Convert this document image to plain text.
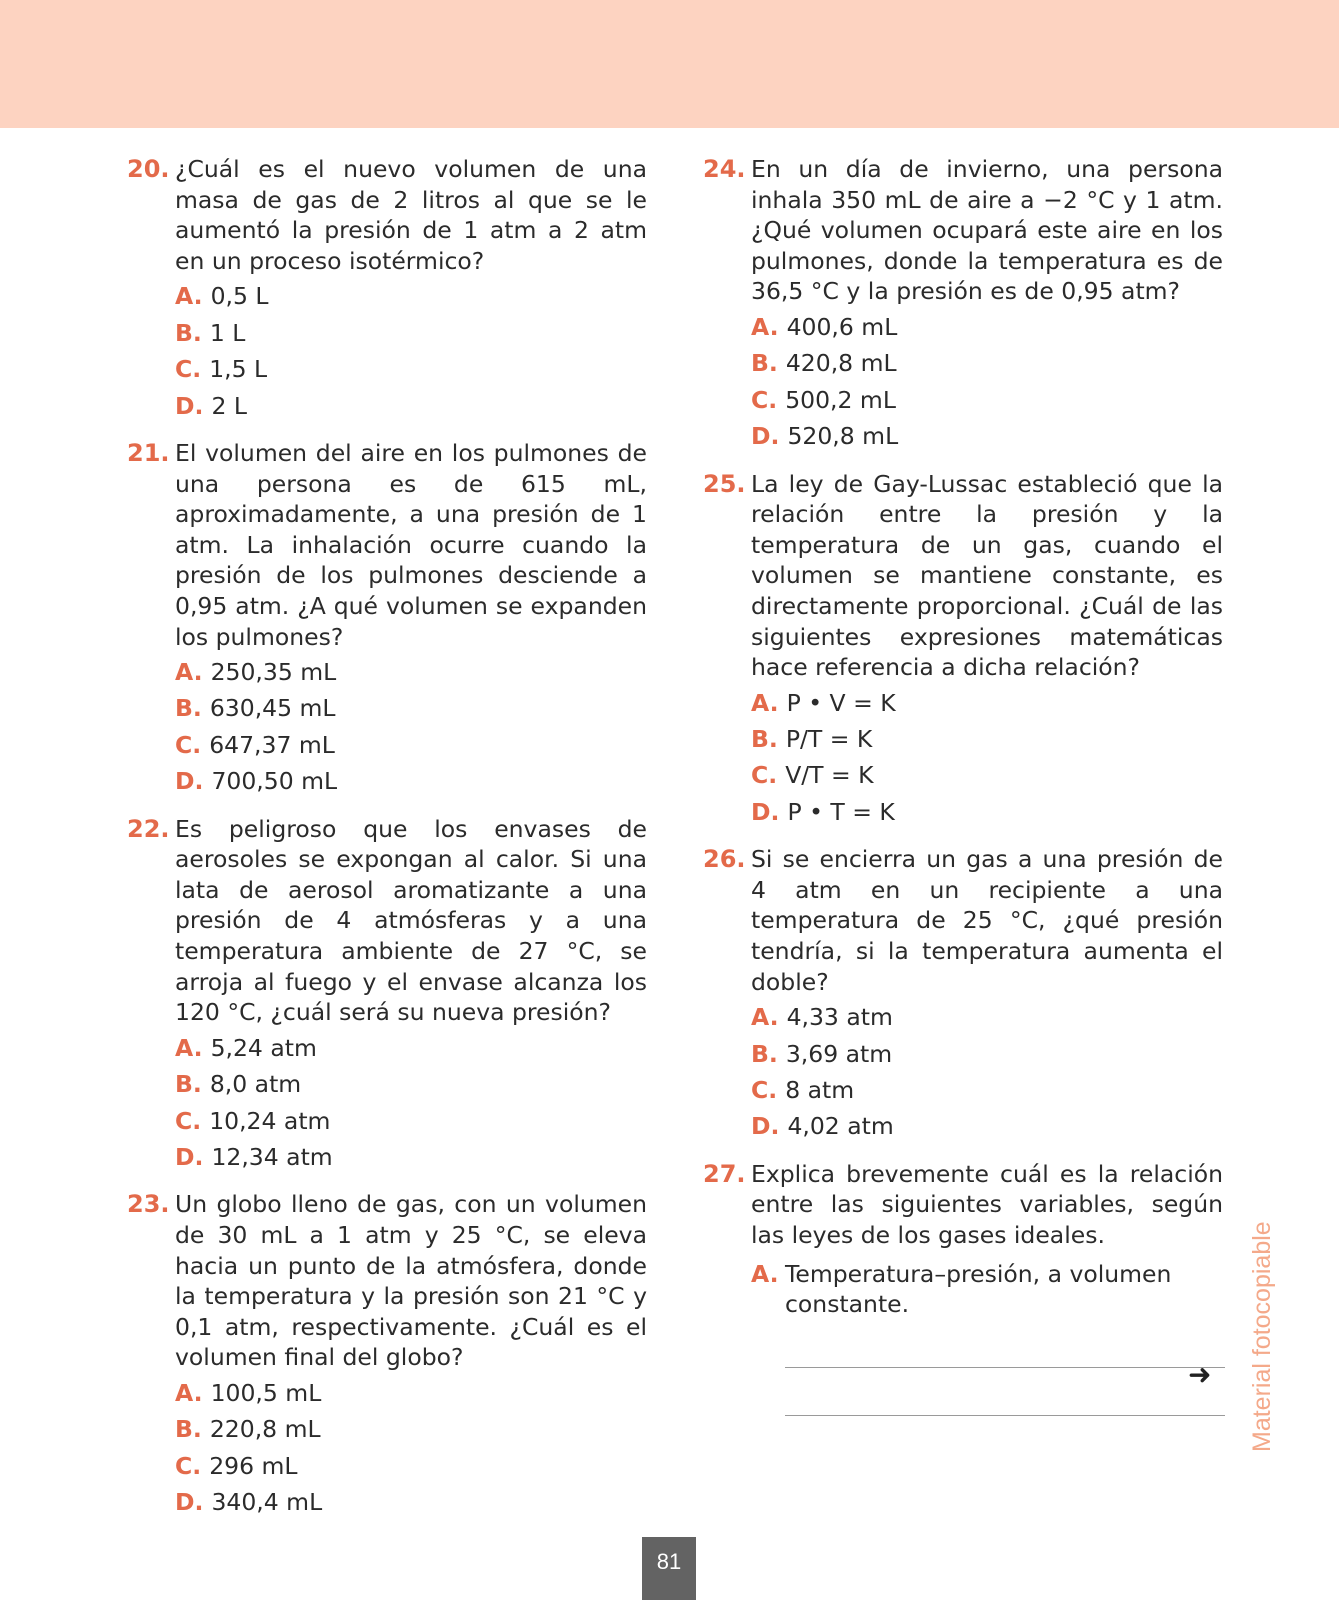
20. ¿Cuál es el nuevo volumen de una masa de gas de 2 litros al que se le aumentó la presión de 1 atm a 2 atm en un proceso isotérmico?
A. 0,5 L
B. 1 L
C. 1,5 L
D. 2 L
21. El volumen del aire en los pulmones de una persona es de 615 mL, aproximadamente, a una presión de 1 atm. La inhalación ocurre cuando la presión de los pulmones desciende a 0,95 atm. ¿A qué volumen se expanden los pulmones?
A. 250,35 mL
B. 630,45 mL
C. 647,37 mL
D. 700,50 mL
22. Es peligroso que los envases de aerosoles se expongan al calor. Si una lata de aerosol aromatizante a una presión de 4 atmósferas y a una temperatura ambiente de 27 °C, se arroja al fuego y el envase alcanza los 120 °C, ¿cuál será su nueva presión?
A. 5,24 atm
B. 8,0 atm
C. 10,24 atm
D. 12,34 atm
23. Un globo lleno de gas, con un volumen de 30 mL a 1 atm y 25 °C, se eleva hacia un punto de la atmósfera, donde la temperatura y la presión son 21 °C y 0,1 atm, respectivamente. ¿Cuál es el volumen final del globo?
A. 100,5 mL
B. 220,8 mL
C. 296 mL
D. 340,4 mL
24. En un día de invierno, una persona inhala 350 mL de aire a −2 °C y 1 atm. ¿Qué volumen ocupará este aire en los pulmones, donde la temperatura es de 36,5 °C y la presión es de 0,95 atm?
A. 400,6 mL
B. 420,8 mL
C. 500,2 mL
D. 520,8 mL
25. La ley de Gay-Lussac estableció que la relación entre la presión y la temperatura de un gas, cuando el volumen se mantiene constante, es directamente proporcional. ¿Cuál de las siguientes expresiones matemáticas hace referencia a dicha relación?
A. P • V = K
B. P/T = K
C. V/T = K
D. P • T = K
26. Si se encierra un gas a una presión de 4 atm en un recipiente a una temperatura de 25 °C, ¿qué presión tendría, si la temperatura aumenta el doble?
A. 4,33 atm
B. 3,69 atm
C. 8 atm
D. 4,02 atm
27. Explica brevemente cuál es la relación entre las siguientes variables, según las leyes de los gases ideales.
A. Temperatura–presión, a volumen constante.
➜ Material fotocopiable
81
